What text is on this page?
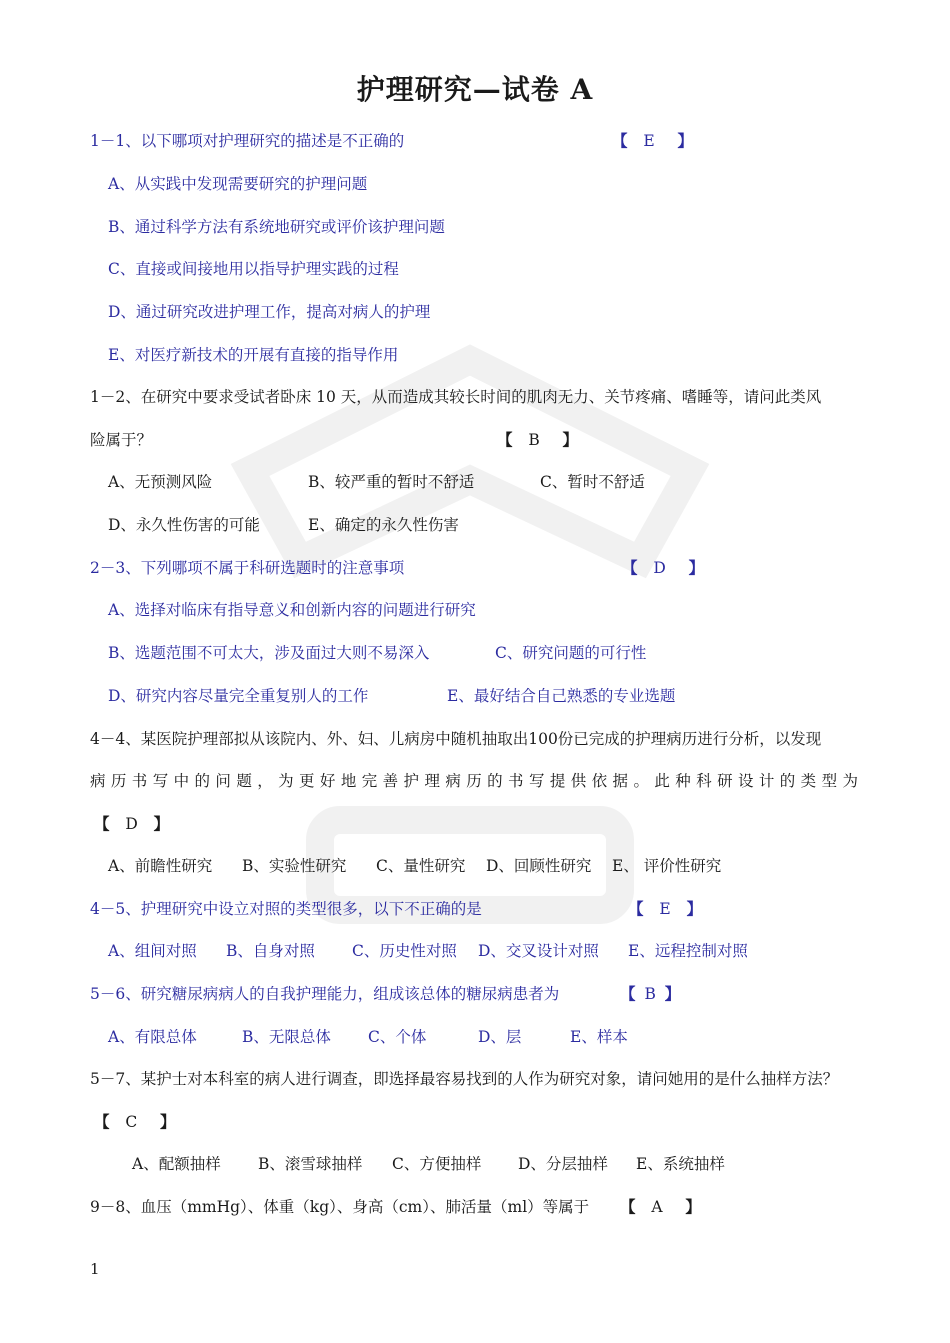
护理研究—试卷 A
1－1、以下哪项对护理研究的描述是不正确的	【 E 】
A、从实践中发现需要研究的护理问题
B、通过科学方法有系统地研究或评价该护理问题
C、直接或间接地用以指导护理实践的过程
D、通过研究改进护理工作，提高对病人的护理
E、对医疗新技术的开展有直接的指导作用
1－2、在研究中要求受试者卧床 10 天，从而造成其较长时间的肌肉无力、关节疼痛、嗜睡等，请问此类风
险属于？	【 B 】
A、无预测风险	B、较严重的暂时不舒适	C、暂时不舒适
D、永久性伤害的可能	E、确定的永久性伤害
2－3、下列哪项不属于科研选题时的注意事项	【 D 】
A、选择对临床有指导意义和创新内容的问题进行研究
B、选题范围不可太大，涉及面过大则不易深入	C、研究问题的可行性
D、研究内容尽量完全重复别人的工作	E、最好结合自己熟悉的专业选题
4－4、某医院护理部拟从该院内、外、妇、儿病房中随机抽取出100份已完成的护理病历进行分析，以发现
病历书写中的问题，为更好地完善护理病历的书写提供依据。此种科研设计的类型为
【 D 】
A、前瞻性研究 B、实验性研究 C、量性研究 D、回顾性研究 E、 评价性研究
4－5、护理研究中设立对照的类型很多，以下不正确的是	【 E 】
A、组间对照 B、自身对照 C、历史性对照 D、交叉设计对照 E、远程控制对照
5－6、研究糖尿病病人的自我护理能力，组成该总体的糖尿病患者为	【 B 】
A、有限总体	B、无限总体 C、个体	D、层	E、样本
5－7、某护士对本科室的病人进行调查，即选择最容易找到的人作为研究对象，请问她用的是什么抽样方法？
【 C 】
A、配额抽样 B、滚雪球抽样 C、方便抽样 D、分层抽样 E、系统抽样
9－8、血压（mmHg）、体重（kg）、身高（cm）、肺活量（ml）等属于 【 A 】
1
